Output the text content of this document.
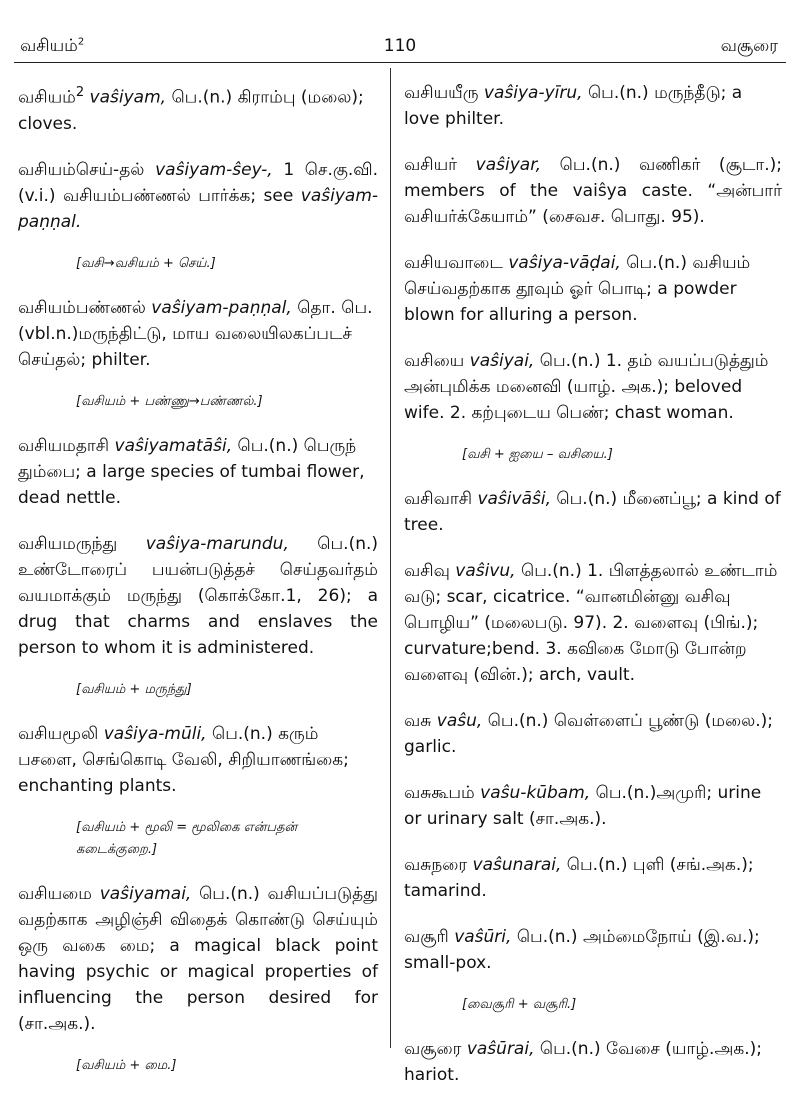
வசியம்$^2$	110	வசூரை
வசியம்$^2$ vaŝiyam, பெ.(n.) கிராம்பு (மலை); cloves.
வசியம்செய்-தல் vaŝiyam-ŝey-, 1 செ.கு.வி. (v.i.) வசியம்பண்ணல் பார்க்க; see vaŝiyam-paṇṇal.
[வசி→வசியம் + செய்.]
வசியம்பண்ணல் vaŝiyam-paṇṇal, தொ. பெ.(vbl.n.)மருந்திட்டு, மாய வலையிலகப்படச் செய்தல்; philter.
[வசியம் + பண்ணு→பண்ணல்.]
வசியமதாசி vaŝiyamatāŝi, பெ.(n.) பெருந் தும்பை; a large species of tumbai flower, dead nettle.
வசியமருந்து vaŝiya-marundu, பெ.(n.) உண்டோரைப் பயன்படுத்தச் செய்தவர்தம் வயமாக்கும் மருந்து (கொக்கோ.1, 26); a drug that charms and enslaves the person to whom it is administered.
[வசியம் + மருந்து]
வசியமூலி vaŝiya-mūli, பெ.(n.) கரும் பசளை, செங்கொடி வேலி, சிறியாணங்கை; enchanting plants.
[வசியம் + மூலி = மூலிகை என்பதன் கடைக்குறை.]
வசியமை vaŝiyamai, பெ.(n.) வசியப்படுத்து வதற்காக அழிஞ்சி விதைக் கொண்டு செய்யும் ஒரு வகை மை; a magical black point having psychic or magical properties of influencing the person desired for (சா.அக.).
[வசியம் + மை.]
வசியயீரு vaŝiya-yīru, பெ.(n.) மருந்தீடு; a love philter.
வசியர் vaŝiyar, பெ.(n.) வணிகர் (சூடா.); members of the vaiŝya caste. “அன்பார் வசியர்க்கேயாம்” (சைவச. பொது. 95).
வசியவாடை vaŝiya-vāḍai, பெ.(n.) வசியம் செய்வதற்காக தூவும் ஓர் பொடி; a powder blown for alluring a person.
வசியை vaŝiyai, பெ.(n.) 1. தம் வயப்படுத்தும் அன்புமிக்க மனைவி (யாழ். அக.); beloved wife. 2. கற்புடைய பெண்; chast woman.
[வசி + ஐயை – வசியை.]
வசிவாசி vaŝivāŝi, பெ.(n.) மீனைப்பூ; a kind of tree.
வசிவு vaŝivu, பெ.(n.) 1. பிளத்தலால் உண்டாம் வடு; scar, cicatrice. “வானமின்னு வசிவு பொழிய” (மலைபடு. 97). 2. வளைவு (பிங்.); curvature;bend. 3. கவிகை மோடு போன்ற வளைவு (வின்.); arch, vault.
வசு vaŝu, பெ.(n.) வெள்ளைப் பூண்டு (மலை.); garlic.
வசுகூபம் vaŝu-kūbam, பெ.(n.)அமுரி; urine or urinary salt (சா.அக.).
வசுநரை vaŝunarai, பெ.(n.) புளி (சங்.அக.); tamarind.
வசூரி vaŝūri, பெ.(n.) அம்மைநோய் (இ.வ.); small-pox.
[வைசூரி + வசூரி.]
வசூரை vaŝūrai, பெ.(n.) வேசை (யாழ்.அக.); hariot.
